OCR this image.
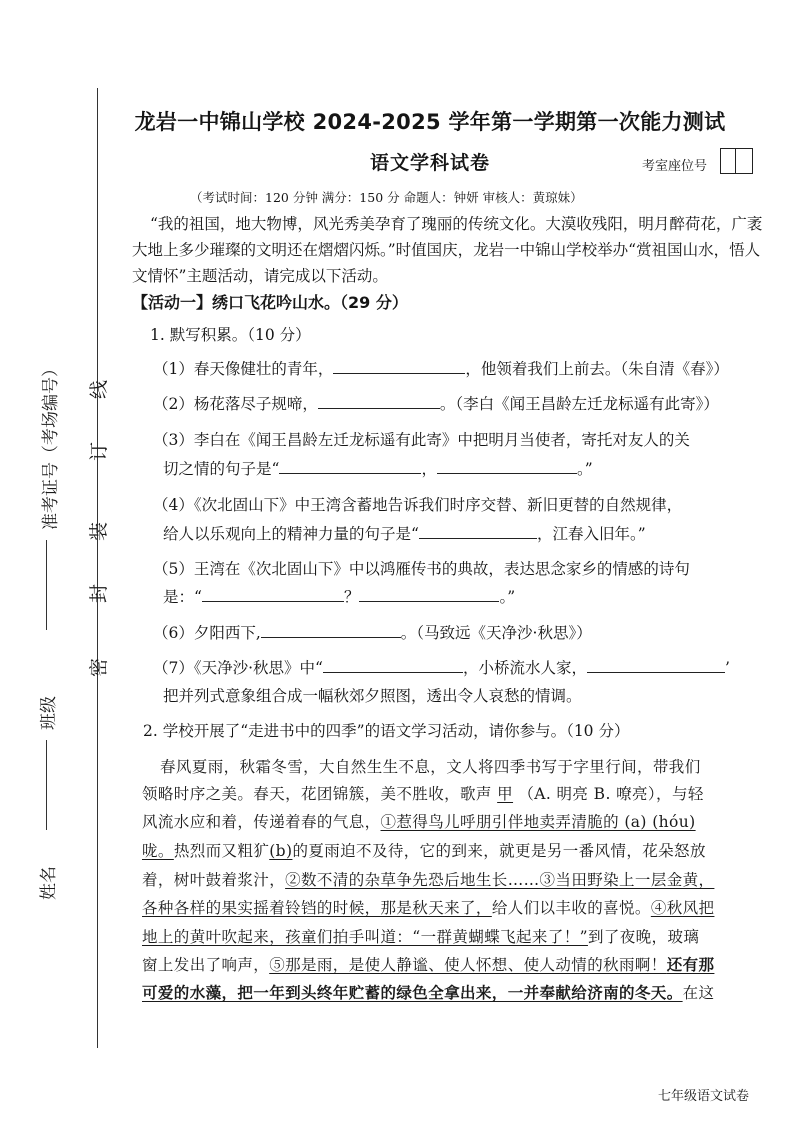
准考证号（考场编号）
班级
姓名
线
订
装
封
密
龙岩一中锦山学校 2024-2025 学年第一学期第一次能力测试
语文学科试卷	考室座位号
（考试时间：120 分钟 满分：150 分 命题人：钟妍 审核人：黄琼妹）
“我的祖国，地大物博，风光秀美孕育了瑰丽的传统文化。大漠收残阳，明月醉荷花，广袤
大地上多少璀璨的文明还在熠熠闪烁。”时值国庆，龙岩一中锦山学校举办“赏祖国山水，悟人
文情怀”主题活动，请完成以下活动。
【活动一】绣口飞花吟山水。（29 分）
1. 默写积累。（10 分）
（1）春天像健壮的青年，	，他领着我们上前去。（朱自清《春》）
（2）杨花落尽子规啼，	。（李白《闻王昌龄左迁龙标遥有此寄》）
（3）李白在《闻王昌龄左迁龙标遥有此寄》中把明月当使者，寄托对友人的关
切之情的句子是“	，	。”
（4）《次北固山下》中王湾含蓄地告诉我们时序交替、新旧更替的自然规律，
给人以乐观向上的精神力量的句子是“	，江春入旧年。”
（5）王湾在《次北固山下》中以鸿雁传书的典故，表达思念家乡的情感的诗句
是：“	？	。”
（6）夕阳西下,	。（马致远《天净沙·秋思》）
（7）《天净沙·秋思》中“	，小桥流水人家，	’
把并列式意象组合成一幅秋郊夕照图，透出令人哀愁的情调。
2. 学校开展了“走进书中的四季”的语文学习活动，请你参与。（10 分）
春风夏雨，秋霜冬雪，大自然生生不息，文人将四季书写于字里行间，带我们
领略时序之美。春天，花团锦簇，美不胜收，歌声 甲 （A. 明亮 B. 嘹亮），与轻
风流水应和着，传递着春的气息，①惹得鸟儿呼朋引伴地卖弄清脆的 (a) (hóu)
咙。热烈而又粗犷(b)的夏雨迫不及待，它的到来，就更是另一番风情，花朵怒放
着，树叶鼓着浆汁，②数不清的杂草争先恐后地生长……③当田野染上一层金黄，
各种各样的果实摇着铃铛的时候，那是秋天来了，给人们以丰收的喜悦。④秋风把
地上的黄叶吹起来，孩童们拍手叫道：“一群黄蝴蝶飞起来了！”到了夜晚，玻璃
窗上发出了响声，⑤那是雨，是使人静谧、使人怀想、使人动情的秋雨啊！还有那
可爱的水藻，把一年到头终年贮蓄的绿色全拿出来，一并奉献给济南的冬天。在这
七年级语文试卷
